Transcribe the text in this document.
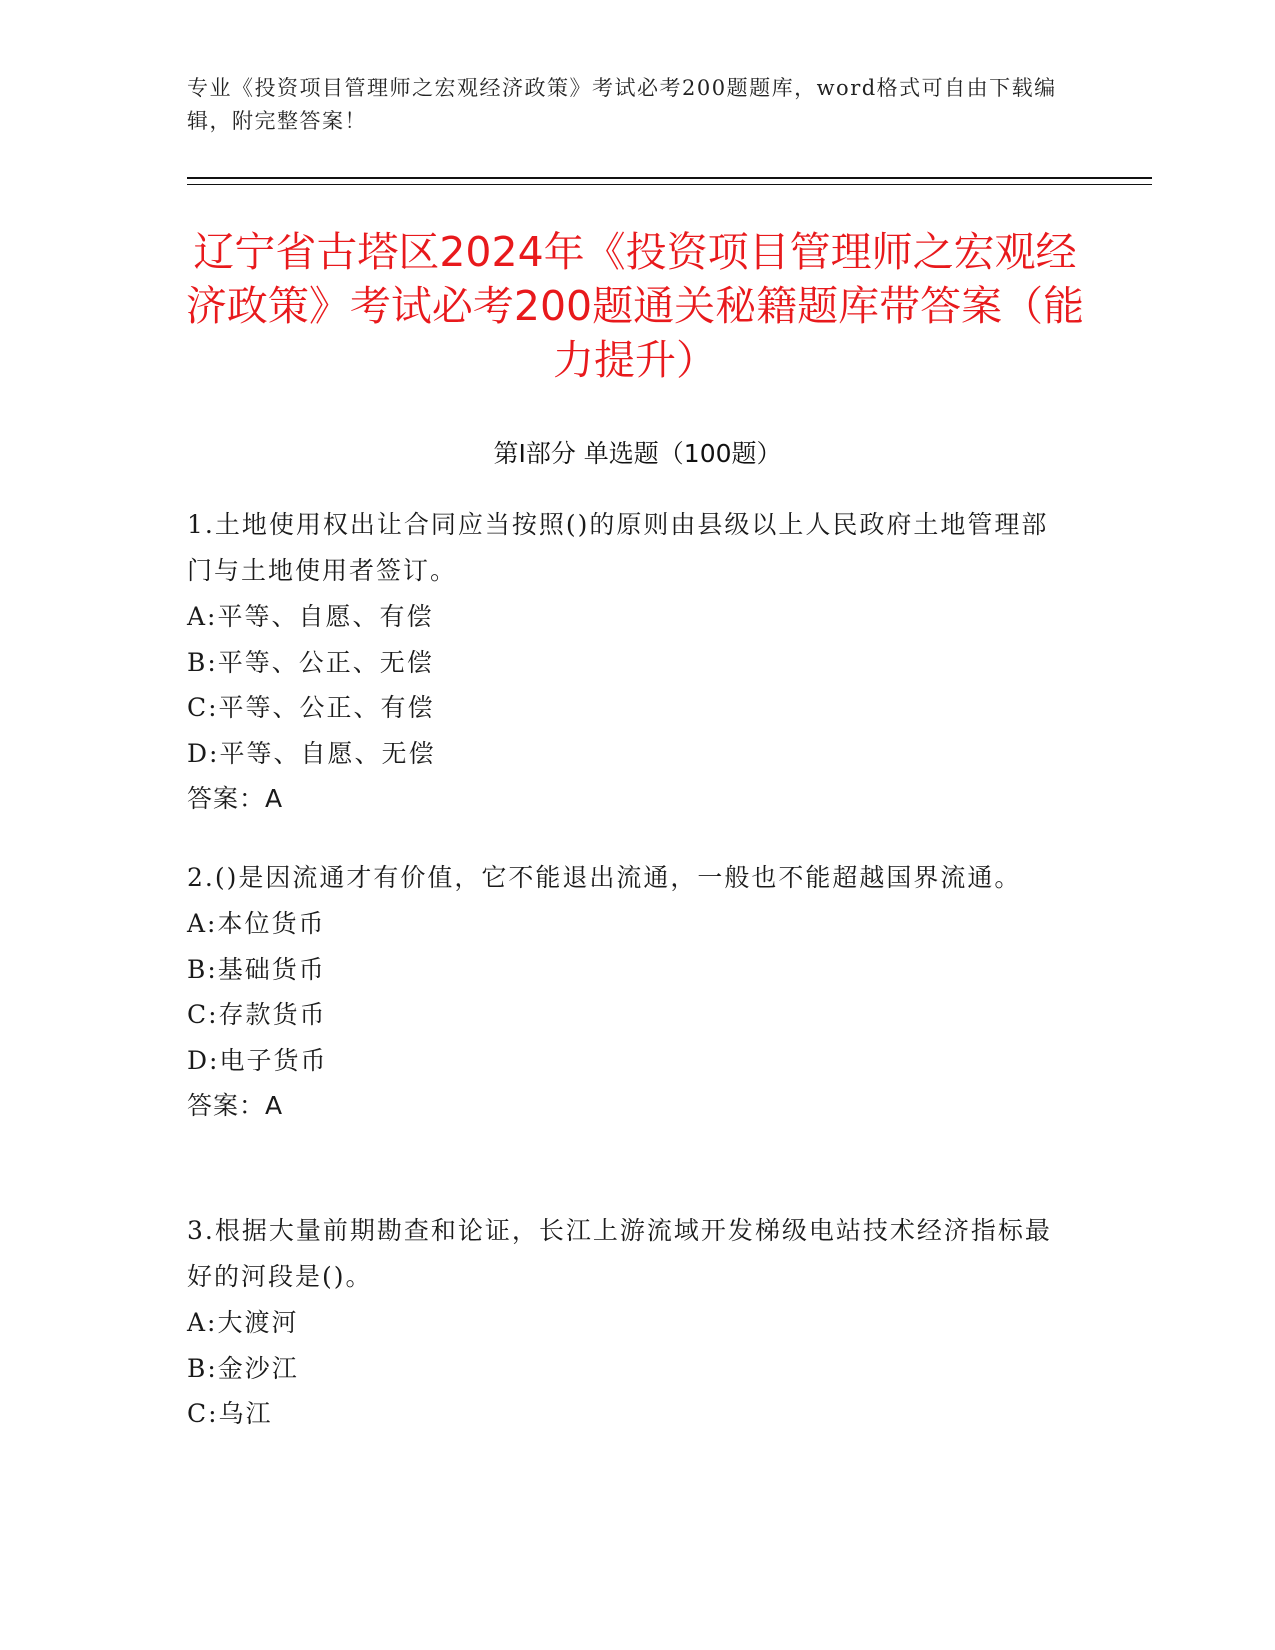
专业《投资项目管理师之宏观经济政策》考试必考200题题库，word格式可自由下载编辑，附完整答案！
辽宁省古塔区2024年《投资项目管理师之宏观经济政策》考试必考200题通关秘籍题库带答案（能力提升）
第I部分 单选题（100题）
1.土地使用权出让合同应当按照()的原则由县级以上人民政府土地管理部门与土地使用者签订。
A:平等、自愿、有偿
B:平等、公正、无偿
C:平等、公正、有偿
D:平等、自愿、无偿
答案：A
2.()是因流通才有价值，它不能退出流通，一般也不能超越国界流通。
A:本位货币
B:基础货币
C:存款货币
D:电子货币
答案：A
3.根据大量前期勘查和论证，长江上游流域开发梯级电站技术经济指标最好的河段是()。
A:大渡河
B:金沙江
C:乌江
